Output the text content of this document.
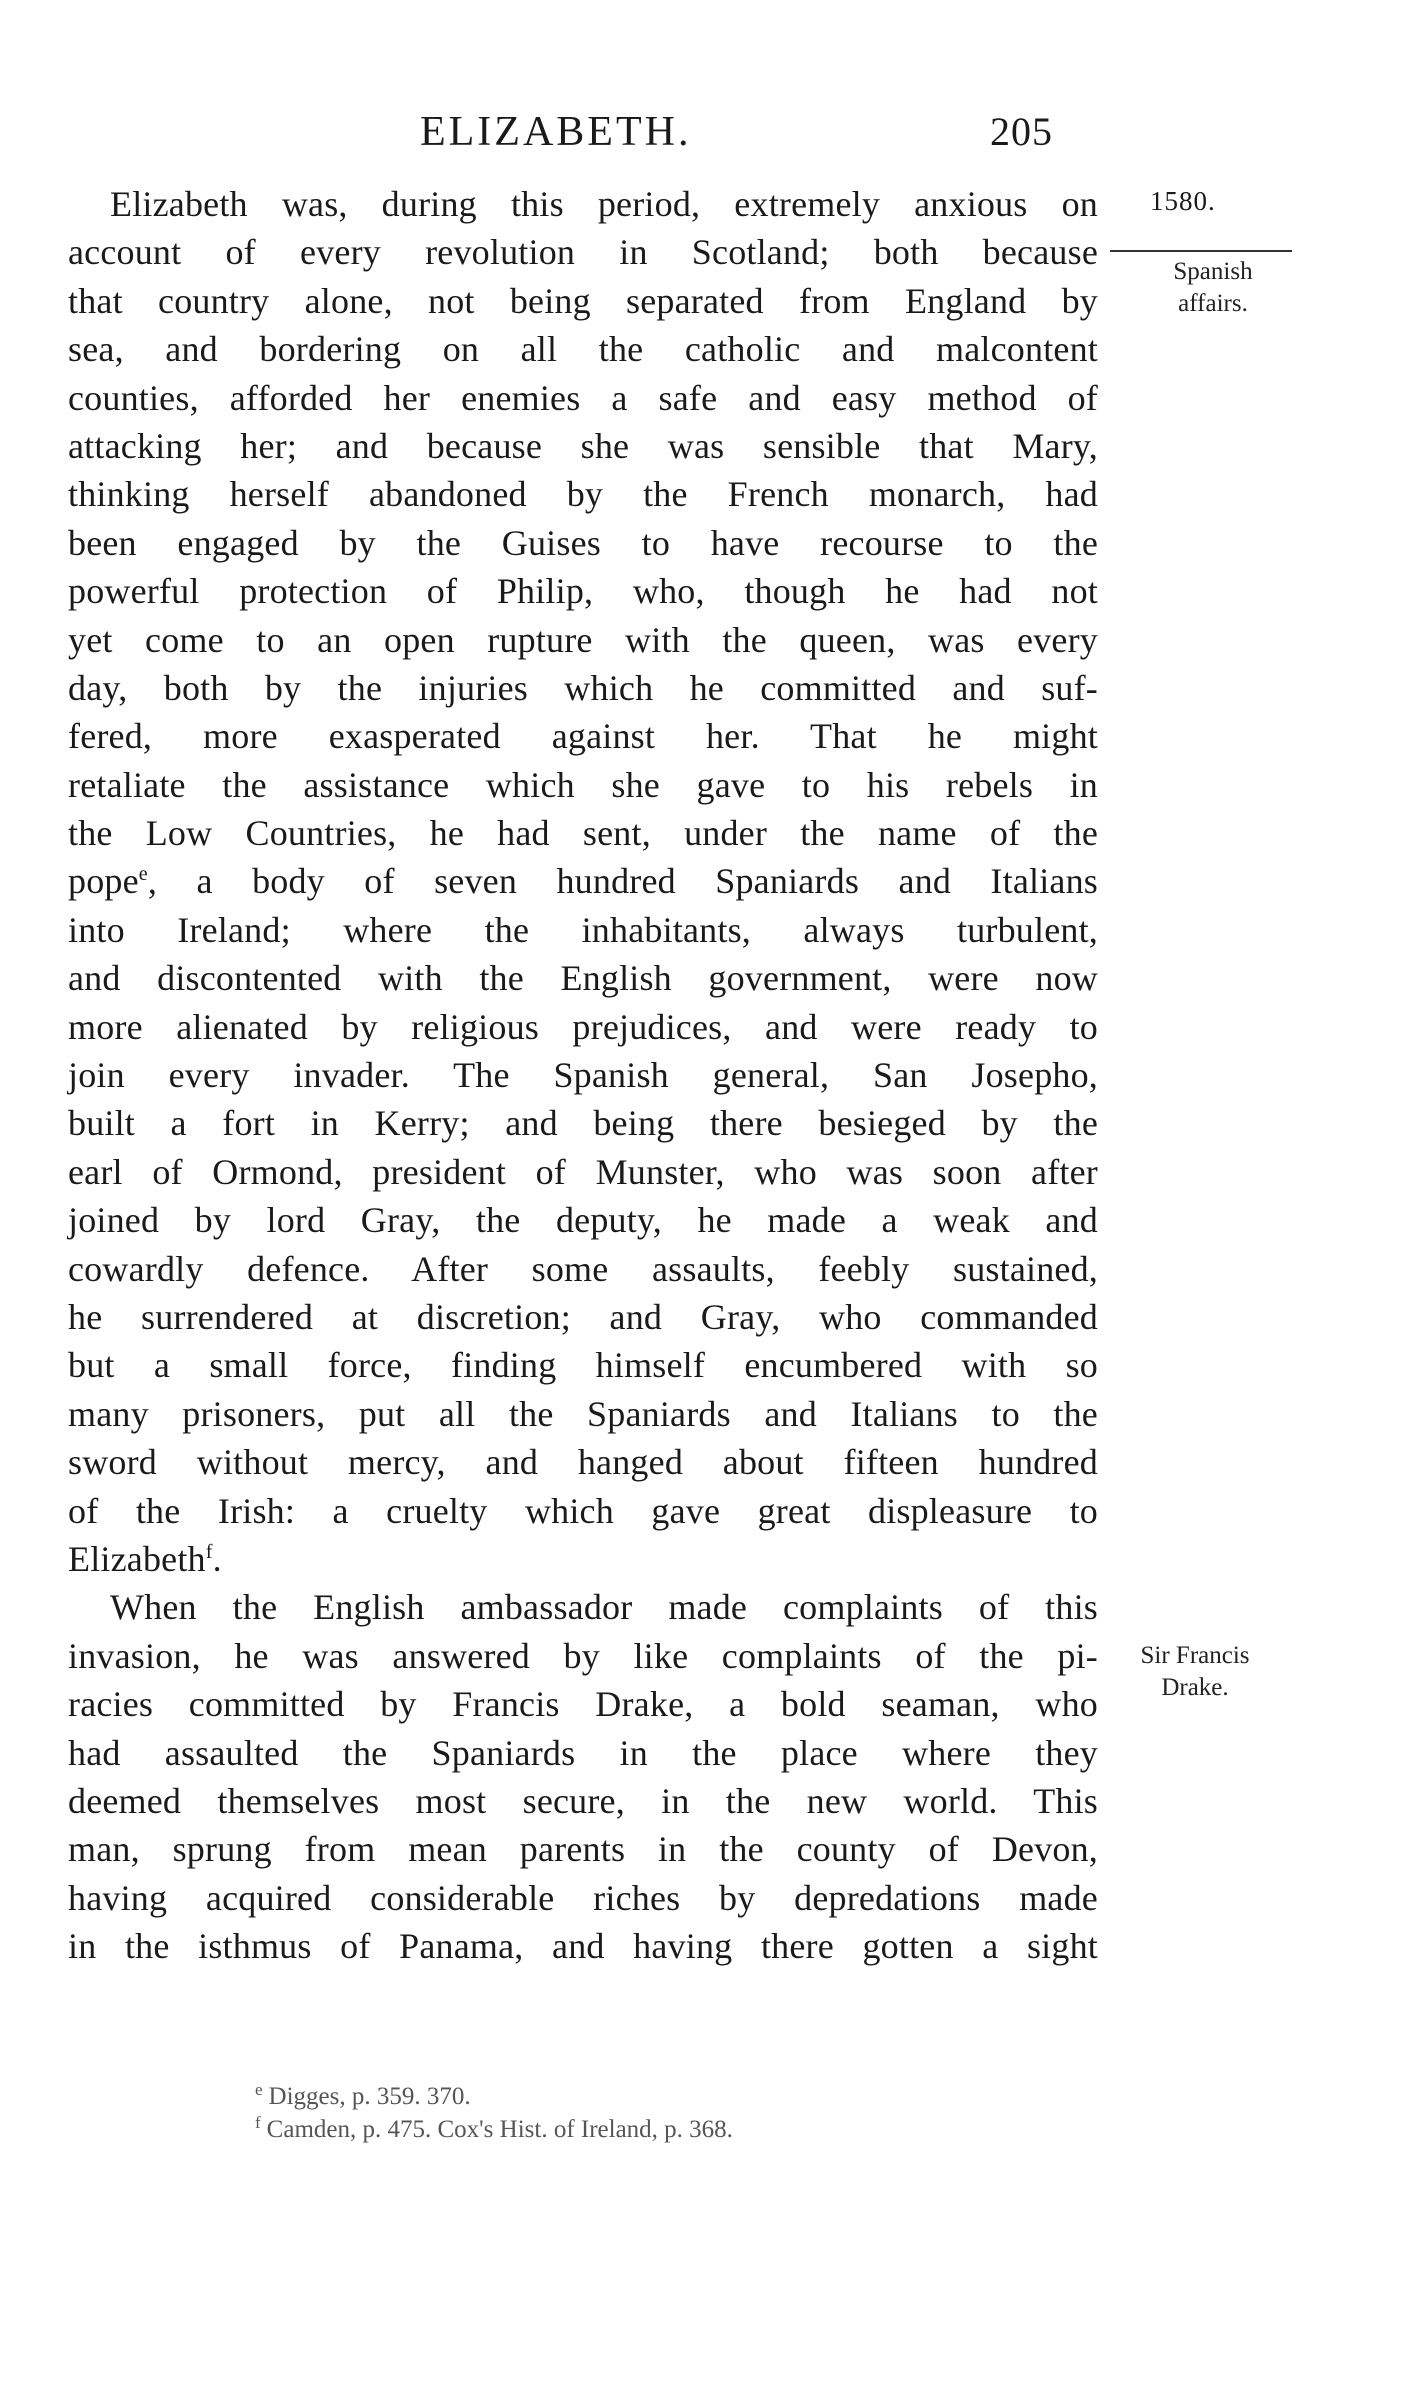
ELIZABETH.	205
1580.
Spanish
affairs.
Sir Francis
Drake.
Elizabeth was, during this period, extremely anxious on
account of every revolution in Scotland; both because
that country alone, not being separated from England by
sea, and bordering on all the catholic and malcontent
counties, afforded her enemies a safe and easy method of
attacking her; and because she was sensible that Mary,
thinking herself abandoned by the French monarch, had
been engaged by the Guises to have recourse to the
powerful protection of Philip, who, though he had not
yet come to an open rupture with the queen, was every
day, both by the injuries which he committed and suf-
fered, more exasperated against her. That he might
retaliate the assistance which she gave to his rebels in
the Low Countries, he had sent, under the name of the
pope$^e$, a body of seven hundred Spaniards and Italians
into Ireland; where the inhabitants, always turbulent,
and discontented with the English government, were now
more alienated by religious prejudices, and were ready to
join every invader. The Spanish general, San Josepho,
built a fort in Kerry; and being there besieged by the
earl of Ormond, president of Munster, who was soon after
joined by lord Gray, the deputy, he made a weak and
cowardly defence. After some assaults, feebly sustained,
he surrendered at discretion; and Gray, who commanded
but a small force, finding himself encumbered with so
many prisoners, put all the Spaniards and Italians to the
sword without mercy, and hanged about fifteen hundred
of the Irish: a cruelty which gave great displeasure to
Elizabeth$^f$.
When the English ambassador made complaints of this
invasion, he was answered by like complaints of the pi-
racies committed by Francis Drake, a bold seaman, who
had assaulted the Spaniards in the place where they
deemed themselves most secure, in the new world. This
man, sprung from mean parents in the county of Devon,
having acquired considerable riches by depredations made
in the isthmus of Panama, and having there gotten a sight
$^e$ Digges, p. 359. 370.
$^f$ Camden, p. 475. Cox's Hist. of Ireland, p. 368.
